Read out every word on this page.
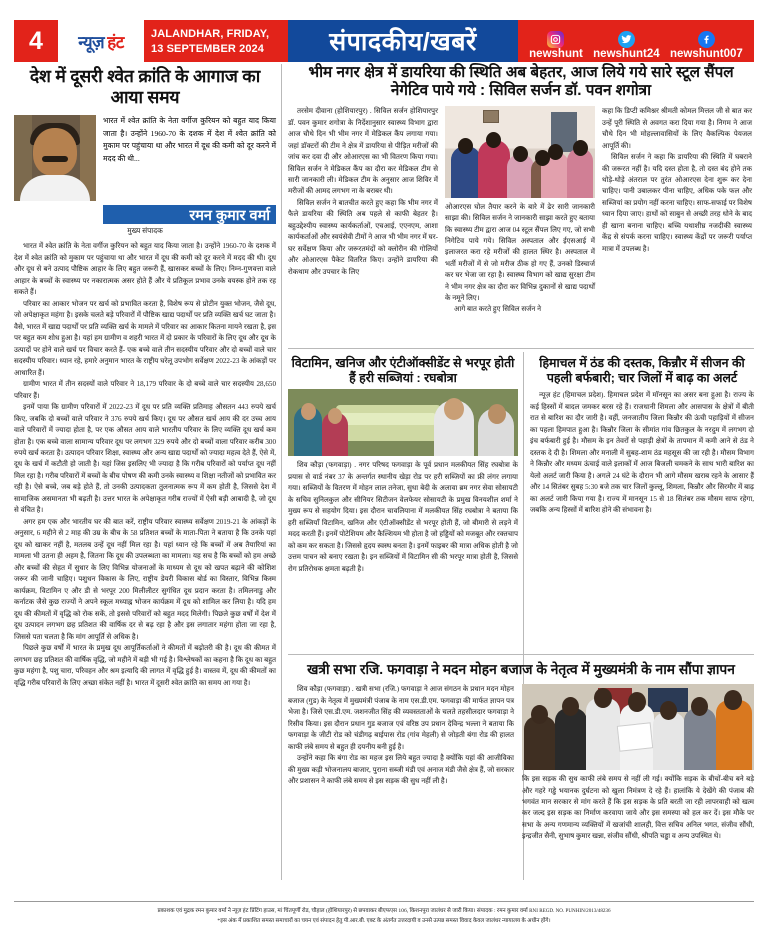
4	न्यूज़ हंट JALANDHAR, FRIDAY,
13 SEPTEMBER 2024	संपादकीय/खबरें	newshunt newshunt24 newshunt007
देश में दूसरी श्वेत क्रांति के आगाज का आया समय
भारत में श्वेत क्रांति के नेता वर्गीज कुरियन को बहुत याद किया जाता है। उन्होंने 1960-70 के दशक में देश में श्वेत क्रांति को मुकाम पर पहुंचाया था और भारत में दूध की कमी को दूर करने में मदद की थी...
रमन कुमार वर्मा
मुख्य संपादक

भारत में श्वेत क्रांति के नेता वर्गीज कुरियन को बहुत याद किया जाता है। उन्होंने 1960-70 के दशक में देश में श्वेत क्रांति को मुकाम पर पहुंचाया था और भारत में दूध की कमी को दूर करने में मदद की थी। दूध और दूध से बने उत्पाद पौष्टिक आहार के लिए बहुत जरूरी हैं, खासकर बच्चों के लिए। निम्न-गुणवत्ता वाले आहार के बच्चों के स्वास्थ्य पर नकारात्मक असर होते हैं और ये प्रतिकूल प्रभाव उनके वयस्क होने तक रह सकते हैं।

परिवार का आकार भोजन पर खर्च को प्रभावित करता है, विशेष रूप से प्रोटीन युक्त भोजन, जैसे दूध, जो अपेक्षाकृत महंगा है। इसके चलते बड़े परिवारों में पौष्टिक खाद्य पदार्थों पर प्रति व्यक्ति खर्च घट जाता है। वैसे, भारत में खाद्य पदार्थों पर प्रति व्यक्ति खर्च के मामले में परिवार का आकार कितना मायने रखता है, इस पर बहुत कम शोध हुआ है। यहां हम ग्रामीण व शहरी भारत में दो प्रकार के परिवारों के लिए दूध और दूध के उत्पादों पर होने वाले खर्च पर विचार करते हैं- एक बच्चे वाले तीन सदस्यीय परिवार और दो बच्चों वाले चार सदस्यीय परिवार। ध्यान रहे, हमारे अनुमान भारत के राष्ट्रीय घरेलू उपभोग सर्वेक्षण 2022-23 के आंकड़ों पर आधारित हैं।

ग्रामीण भारत में तीन सदस्यों वाले परिवार ने 18,179 परिवार के दो बच्चे वाले चार सदस्यीय 28,650 परिवार हैं।

इनमें पाया कि ग्रामीण परिवारों में 2022-23 में दूध पर प्रति व्यक्ति प्रतिमाह औसतन 443 रुपये खर्च किए, जबकि दो बच्चों वाले परिवार ने 376 रुपये खर्च किए। दूध पर औसत खर्च आय की दर उच्च आय वाले परिवारों में ज्यादा होता है, पर एक औसत आय वाले भारतीय परिवार के लिए व्यक्ति दूध खर्च कम होता है। एक बच्चे वाला सामान्य परिवार दूध पर लगभग 329 रुपये और दो बच्चों वाला परिवार करीब 300 रुपये खर्च करता है। उत्पादन परिवार शिक्षा, स्वास्थ्य और अन्य खाद्य पदार्थों को ज्यादा महत्व देते हैं, ऐसे में, दूध के खर्च में कटौती हो जाती है। यहां जिस इसलिए भी ज्यादा है कि गरीब परिवारों को पर्याप्त दूध नहीं मिल रहा है। गरीब परिवारों में बच्चों के बीच पोषण की कमी उनके स्वास्थ्य व शिक्षा नतीजों को प्रभावित कर रही है। ऐसे बच्चे, जब बड़े होते हैं, तो उनकी उत्पादकता तुलनात्मक रूप में कम होती है, जिससे देश में सामाजिक असमानता भी बढ़ती है। उत्तर भारत के अपेक्षाकृत गरीब राज्यों में ऐसी बड़ी आबादी है, जो दूध से वंचित है।

अगर हम एक और भारतीय घर की बात करें, राष्ट्रीय परिवार स्वास्थ्य सर्वेक्षण 2019-21 के आंकड़ों के अनुसार, 6 महीने से 2 माह की उम्र के बीच के 58 प्रतिशत बच्चों के माता-पिता ने बताया है कि उनके यहां दूध को खाकर नहीं है, मतलब उन्हें दूध नहीं मिल रहा है। यहां ध्यान रहे कि बच्चों में अब तैयारियां का मामला भी उतना ही अहम है, जितना कि दूध की उपलब्धता का मामला। यह सच है कि बच्चों को हम अच्छे और बच्चों की सेहत में सुधार के लिए विभिन्न योजनाओं के माध्यम से दूध को खपत बढ़ाने की कोशिश जरूर की जानी चाहिए। पशुधन विकास के लिए, राष्ट्रीय डेयरी विकास बोर्ड का विस्तार, विभिन्न किस्म कार्यक्रम, विटामिन ए और डी से भरपूर 200 मिलीलीटर सुगंधित दूध प्रदान करता है। तमिलनाडु और कर्नाटक जैसे कुछ राज्यों ने अपने स्कूल मध्याह्न भोजन कार्यक्रम में दूध को शामिल कर लिया है। यदि हम दूध की कीमतों में वृद्धि को रोक सकें, तो इससे परिवारों को बहुत मदद मिलेगी। पिछले कुछ वर्षों में देश में दूध उत्पादन लगभग छह प्रतिशत की वार्षिक दर से बढ़ रहा है और इस लगातार महंगा होता जा रहा है, जिससे पता चलता है कि मांग आपूर्ति से अधिक है।

पिछले कुछ वर्षों में भारत के प्रमुख दूध आपूर्तिकर्ताओं ने कीमतों में बढ़ोतरी की है। दूध की कीमत में लगभग छह प्रतिशत की वार्षिक वृद्धि, जो महीने में बड़ी भी गई है। विश्लेषकों का कहना है कि दूध का बहुत कुछ महंगा है, पशु चारा, परिवहन और श्रम इत्यादि की लागत में वृद्धि हुई है। वास्तव में, दूध की कीमतों का वृद्धि गरीब परिवारों के लिए अच्छा संकेत नहीं है। भारत में दूसरी श्वेत क्रांति का समय आ गया है।

भीम नगर क्षेत्र में डायरिया की स्थिति अब बेहतर, आज लिये गये सारे स्टूल सैंपल नेगेटिव पाये गये : सिविल सर्जन डॉ. पवन शगोत्रा

तरसेम दीवाना (होशियारपुर) . सिविल सर्जन होशियारपुर डॉ. पवन कुमार शगोत्रा के निर्देशानुसार स्वास्थ्य विभाग द्वारा आज चौथे दिन भी भीम नगर में मेडिकल कैंप लगाया गया। जहां डॉक्टरों की टीम ने क्षेत्र में डायरिया से पीड़ित मरीजों की जांच कर दवा दी और ओआरएस का भी वितरण किया गया। सिविल सर्जन ने मेडिकल कैंप का दौरा कर मेडिकल टीम से सारी जानकारी ली। मेडिकल टीम के अनुसार आज शिविर में मरीजों की आमद लगभग ना के बराबर थी।

सिविल सर्जन ने बातचीत करते हुए कहा कि भीम नगर में फैले डायरिया की स्थिति अब पहले से काफी बेहतर है। बहुउद्देश्यीय स्वास्थ्य कार्यकर्ताओं, एचआई, एएनएम, आशा कार्यकर्ताओं और स्वयंसेवी टीमों ने आज भी भीम नगर में घर-घर सर्वेक्षण किया और जरूरतमंदों को क्लोरीन की गोलियों और ओआरएस पैकेट वितरित किए। उन्होंने डायरिया की रोकथाम और उपचार के लिए

ओआरएस घोल तैयार करने के बारे में ढेर सारी जानकारी साझा की। सिविल सर्जन ने जानकारी साझा करते हुए बताया कि स्वास्थ्य टीम द्वारा आज 04 स्टूल सैंपल लिए गए, जो सभी निगेटिव पाये गये। सिविल अस्पताल और ईएसआई में इलाजरत करा रहे मरीजों की हालत स्थिर है। अस्पताल में भर्ती मरीजों में से जो मरीज ठीक हो गए हैं, उनको डिस्चार्ज कर घर भेजा जा रहा है। स्वास्थ्य विभाग को खाद्य सुरक्षा टीम ने भीम नगर क्षेत्र का दौरा कर विभिन्न दुकानों से खाद्य पदार्थों के नमूने लिए।

आगे बात करते हुए सिविल सर्जन ने

कहा कि डिप्टी कमिश्नर श्रीमती कोमल मित्तल जी से बात कर उन्हें पूरी स्थिति से अवगत करा दिया गया है। निगम ने आज चौथे दिन भी मोहल्लावासियों के लिए वैकल्पिक पेयजल आपूर्ति की।

सिविल सर्जन ने कहा कि डायरिया की स्थिति में घबराने की जरूरत नहीं है। यदि दस्त होता है, तो दस्त बंद होने तक थोड़े-थोड़े अंतराल पर तुरंत ओआरएस देना शुरू कर देना चाहिए। पानी उबालकर पीना चाहिए, अधिक पके फल और सब्जियां का प्रयोग नहीं करना चाहिए। साफ-सफाई पर विशेष ध्यान दिया जाए। हाथों को साबुन से अच्छी तरह धोने के बाद ही खाना बनाना चाहिए। बच्चि यथाशीघ्र नजदीकी स्वास्थ्य केंद्र से संपर्क करना चाहिए। स्वास्थ्य केंद्रों पर जरूरी पर्याप्त मात्रा में उपलब्ध है।

विटामिन, खनिज और एंटीऑक्सीडेंट से भरपूर होती हैं हरी सब्जियां : रघबोत्रा

शिव कौड़ा (फगवाड़ा) . नगर परिषद फगवाड़ा के पूर्व प्रधान मलकीयत सिंह रघबोत्रा के प्रयास से वार्ड नंबर 37 के अन्तर्गत स्थानीय खेड़ा रोड पर हरी सब्जियों का फ्री लंगर लगाया गया। सब्जियों के वितरण में मोहन लाल तनेजा, सुधा बेदी के अलावा ब्रम नगर सेवा सोसायटी के सचिव सुनिलकुल और सीनियर सिटीजन वेलफेयर सोसायटी के प्रमुख विनयशील शर्मा ने मुख्य रूप से सहयोग दिया। इस दौरान चावलियाना में मलकीयत सिंह रघबोत्रा ने बताया कि हरी सब्जियाँ विटामिन, खनिज और एंटीऑक्सीडेंट से भरपूर होती हैं, जो बीमारी से लड़ने में मदद करती हैं। इनमें पोटेशियम और कैल्शियम भी होता है जो हड्डियों को मजबूत और रक्तचाप को कम कर सकता है। जिससे हृदय स्वस्थ बनता है। इनमें फाइबर की मात्रा अधिक होती है जो उत्तम पाचन को बनाए रखता है। इन सब्जियों में विटामिन सी की भरपूर मात्रा होती है, जिससे रोग प्रतिरोधक क्षमता बढ़ती है।

हिमाचल में ठंड की दस्तक, किन्नौर में सीजन की पहली बर्फबारी; चार जिलों में बाढ़ का अलर्ट

न्यूज़ हंट (हिमाचल प्रदेश). हिमाचल प्रदेश में मॉनसून का असर बना हुआ है। राज्य के कई हिस्सों में बादल जमकर बरस रहे हैं। राजधानी शिमला और आसपास के क्षेत्रों में बीती रात से बारिश का दौर जारी है। वहीं, जनजातीय जिला किन्नौर की ऊंची पहाड़ियों में सीजन का पहला हिमपात हुआ है। किन्नौर जिला के सीमांत गांव छितकुल के नरदुम में लगभग दो इंच बर्फबारी हुई है। मौसम के इन तेवरों से पहाड़ी क्षेत्रों के तापमान में कमी आने से ठंड ने दस्तक दे दी है। शिमला और मनाली में सुबह-शाम ठंड महसूस की जा रही है। मौसम विभाग ने किन्नौर और मध्यम ऊंचाई वाले इलाकों में आज बिजली चमकने के साथ भारी बारिश का येलो अलर्ट जारी किया है। अगले 24 घंटे के दौरान भी आगे मौसम खराब रहने के आसार हैं और 14 सितंबर सुबह 5:30 बजे तक चार जिलों कुल्लू, शिमला, किन्नौर और सिरमौर में बाढ़ का अलर्ट जारी किया गया है। राज्य में मानसून 15 से 18 सितंबर तक मौसम साफ रहेगा, जबकि अन्य हिस्सों में बारिश होने की संभावना है।

खत्री सभा रजि. फगवाड़ा ने मदन मोहन बजाज के नेतृत्व में मुख्यमंत्री के नाम सौंपा ज्ञापन

शिव कौड़ा (फगवाड़ा) . खत्री सभा (रजि.) फगवाड़ा ने आज संगठन के प्रधान मदन मोहन बजाज (गुड) के नेतृत्व में मुख्यमंत्री पंजाब के नाम एस.डी.एम. फगवाड़ा की मार्फत ज्ञापन पत्र भेजा है। जिसे एस.डी.एम. जशनजीत सिंह की व्यवस्तताओं के चलते तहसीलदार फगवाड़ा ने रिसीव किया। इस दौरान प्रधान गुड बजाज एवं वरिष्ठ उप प्रधान देविन्द्र भल्ला ने बताया कि फगवाड़ा के जीटी रोड को चंडीगढ़ बाईपास रोड (गांव मेहली) से जोड़ती बंगा रोड की हालत काफी लंबे समय से बहुत ही दयनीय बनी हुई है।

उन्होंने कहा कि बंगा रोड का महज इस लिये बहुत ज्यादा है क्योंकि यहां की आजीविका की मुख्य कड़ी भोजनालय बाजार, पुराना सब्जी मंडी एवं अनाज मंडी जैसे क्षेत्र हैं, जो सरकार और प्रशासन ने काफी लंबे समय से इस सड़क की सुध नहीं ली है।	कि इस सड़क की सुध काफी लंबे समय से नहीं ली गई। क्योंकि सड़क के बीचों-बीच बने बड़े और गहरे गड्ढे भयानक दुर्घटना को खुला निमंत्रण दे रहे हैं। हालांकि ये देखेंगे की पंजाब की भगवंत मान सरकार से मांग करते हैं कि इस सड़क के प्रति बरती जा रही लापरवाही को खत्म कर जल्द इस सड़क का निर्माण करवाया जाये और इस समस्या को हल कर दें। इस मौके पर सभा के अन्य गणमान्य व्यक्तियों में खजांची शालही, वित्त सचिव अनिल भगत, संजीव सौंधी, इन्द्रजीत सैनी, सुभाष कुमार खन्ना, संजीव सौंधी, श्रीपति चड्ढा व अन्य उपस्थित थे।

प्रकाशक एवं मुद्रक रमन कुमार वर्मा ने न्यूज़ हंट प्रिंटिंग हाउस, मां चिंतपूर्णी रोड, चौहाल (होशियारपुर) से छपवाकर बीएफएस 106, किशनपुरा जालंधर से जारी किया। संपादक : रमन कुमार वर्मा RNI REGD. NO. PUNHIN/2013/48236
*इस अंक में प्रकाशित समस्त समाचारों का चयन एवं संपादन हेतु पी.आर.बी. एक्ट के अंतर्गत उत्तरदायी व उनसे उत्पन्न समस्त विवाद केवल जालंधर न्यायालय के अधीन होंगे।
